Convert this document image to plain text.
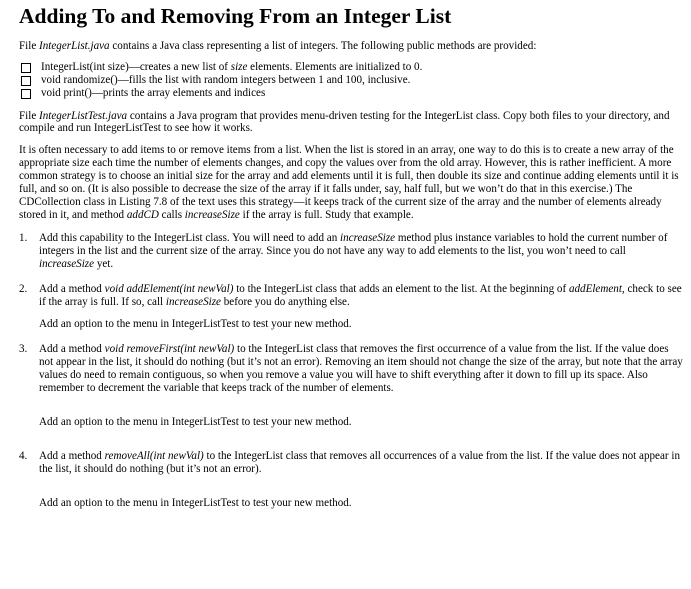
Adding To and Removing From an Integer List

File IntegerList.java contains a Java class representing a list of integers. The following public methods are provided:

IntegerList(int size)—creates a new list of size elements. Elements are initialized to 0.
void randomize()—fills the list with random integers between 1 and 100, inclusive.
void print()—prints the array elements and indices

File IntegerListTest.java contains a Java program that provides menu-driven testing for the IntegerList class. Copy both files to your directory, and compile and run IntegerListTest to see how it works.

It is often necessary to add items to or remove items from a list. When the list is stored in an array, one way to do this is to create a new array of the appropriate size each time the number of elements changes, and copy the values over from the old array. However, this is rather inefficient. A more common strategy is to choose an initial size for the array and add elements until it is full, then double its size and continue adding elements until it is full, and so on. (It is also possible to decrease the size of the array if it falls under, say, half full, but we won’t do that in this exercise.) The CDCollection class in Listing 7.8 of the text uses this strategy—it keeps track of the current size of the array and the number of elements already stored in it, and method addCD calls increaseSize if the array is full. Study that example.

1.	Add this capability to the IntegerList class. You will need to add an increaseSize method plus instance variables to hold the current number of integers in the list and the current size of the array. Since you do not have any way to add elements to the list, you won’t need to call increaseSize yet.

2.	Add a method void addElement(int newVal) to the IntegerList class that adds an element to the list. At the beginning of addElement, check to see if the array is full. If so, call increaseSize before you do anything else.

Add an option to the menu in IntegerListTest to test your new method.

3.	Add a method void removeFirst(int newVal) to the IntegerList class that removes the first occurrence of a value from the list. If the value does not appear in the list, it should do nothing (but it’s not an error). Removing an item should not change the size of the array, but note that the array values do need to remain contiguous, so when you remove a value you will have to shift everything after it down to fill up its space. Also remember to decrement the variable that keeps track of the number of elements.

Add an option to the menu in IntegerListTest to test your new method.

4.	Add a method removeAll(int newVal) to the IntegerList class that removes all occurrences of a value from the list. If the value does not appear in the list, it should do nothing (but it’s not an error).

Add an option to the menu in IntegerListTest to test your new method.
